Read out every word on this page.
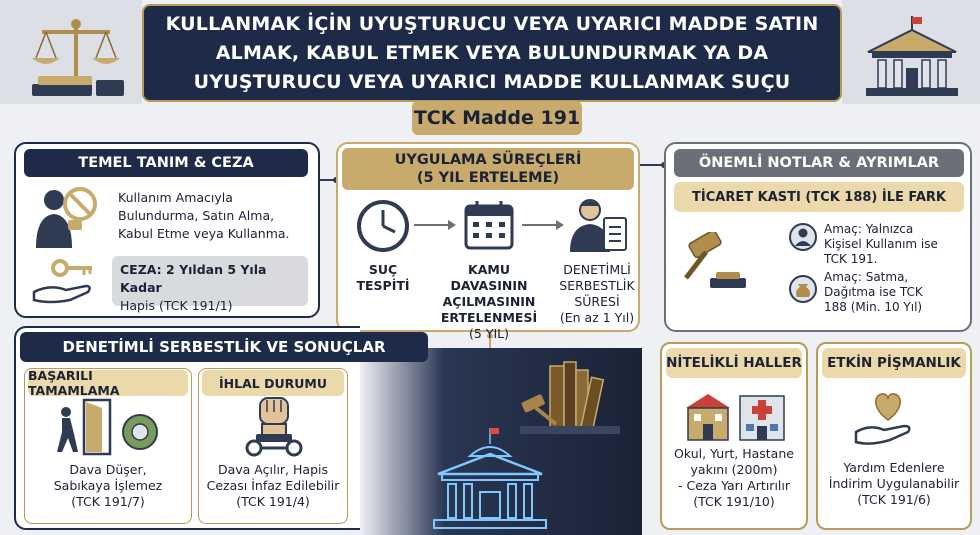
KULLANMAK İÇİN UYUŞTURUCU VEYA UYARICI MADDE SATIN
ALMAK, KABUL ETMEK VEYA BULUNDURMAK YA DA
UYUŞTURUCU VEYA UYARICI MADDE KULLANMAK SUÇU
TCK Madde 191
TEMEL TANIM & CEZA
Kullanım Amacıyla
Bulundurma, Satın Alma,
Kabul Etme veya Kullanma.
CEZA: 2 Yıldan 5 Yıla Kadar
Hapis (TCK 191/1)
UYGULAMA SÜREÇLERİ
(5 YIL ERTELEME)
SUÇ
TESPİTİ
KAMU DAVASININ
AÇILMASININ
ERTELENMESİ
(5 YIL)
DENETİMLİ
SERBESTLİK
SÜRESİ
(En az 1 Yıl)
ÖNEMLİ NOTLAR & AYRIMLAR
TİCARET KASTI (TCK 188) İLE FARK
Amaç: Yalnızca
Kişisel Kullanım ise
TCK 191.
Amaç: Satma,
Dağıtma ise TCK
188 (Min. 10 Yıl)
DENETİMLİ SERBESTLİK VE SONUÇLAR
BAŞARILI TAMAMLAMA
Dava Düşer,
Sabıkaya İşlemez
(TCK 191/7)
İHLAL DURUMU
Dava Açılır, Hapis
Cezası İnfaz Edilebilir
(TCK 191/4)
NİTELİKLİ HALLER
Okul, Yurt, Hastane
yakını (200m)
- Ceza Yarı Artırılır
(TCK 191/10)
ETKİN PİŞMANLIK
Yardım Edenlere
İndirim Uygulanabilir
(TCK 191/6)
